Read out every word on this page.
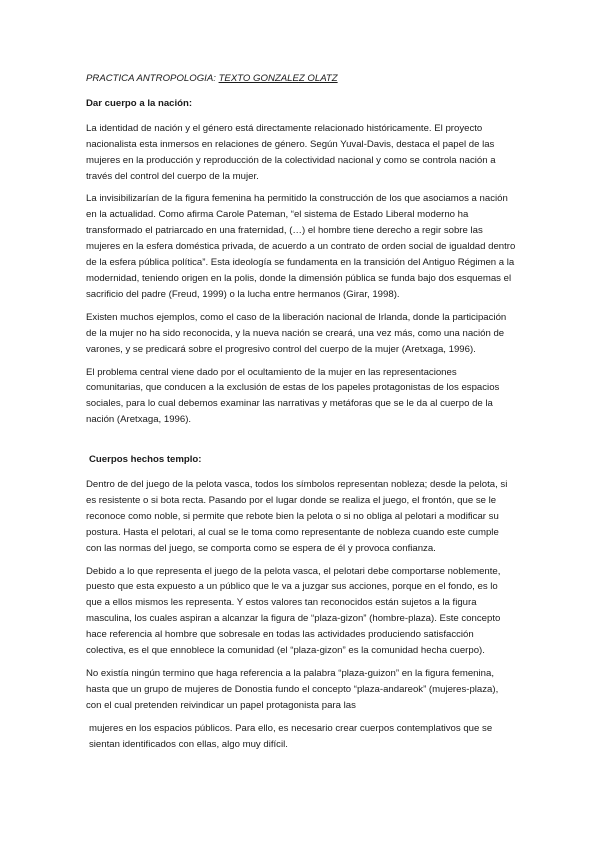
PRACTICA ANTROPOLOGIA: TEXTO GONZALEZ OLATZ
Dar cuerpo a la nación:

La identidad de nación y el género está directamente relacionado históricamente. El proyecto nacionalista esta inmersos en relaciones de género. Según Yuval-Davis, destaca el papel de las mujeres en la producción y reproducción de la colectividad nacional y como se controla nación a través del control del cuerpo de la mujer.

La invisibilizarían de la figura femenina ha permitido la construcción de los que asociamos a nación en la actualidad. Como afirma Carole Pateman, “el sistema de Estado Liberal moderno ha transformado el patriarcado en una fraternidad, (…) el hombre tiene derecho a regir sobre las mujeres en la esfera doméstica privada, de acuerdo a un contrato de orden social de igualdad dentro de la esfera pública política”. Esta ideología se fundamenta en la transición del Antiguo Régimen a la modernidad, teniendo origen en la polis, donde la dimensión pública se funda bajo dos esquemas el sacrificio del padre (Freud, 1999) o la lucha entre hermanos (Girar, 1998).

Existen muchos ejemplos, como el caso de la liberación nacional de Irlanda, donde la participación de la mujer no ha sido reconocida, y la nueva nación se creará, una vez más, como una nación de varones, y se predicará sobre el progresivo control del cuerpo de la mujer (Aretxaga, 1996).

El problema central viene dado por el ocultamiento de la mujer en las representaciones comunitarias, que conducen a la exclusión de estas de los papeles protagonistas de los espacios sociales, para lo cual debemos examinar las narrativas y metáforas que se le da al cuerpo de la nación (Aretxaga, 1996).

Cuerpos hechos templo:

Dentro de del juego de la pelota vasca, todos los símbolos representan nobleza; desde la pelota, si es resistente o si bota recta. Pasando por el lugar donde se realiza el juego, el frontón, que se le reconoce como noble, si permite que rebote bien la pelota o si no obliga al pelotari a modificar su postura. Hasta el pelotari, al cual se le toma como representante de nobleza cuando este cumple con las normas del juego, se comporta como se espera de él y provoca confianza.

Debido a lo que representa el juego de la pelota vasca, el pelotari debe comportarse noblemente, puesto que esta expuesto a un público que le va a juzgar sus acciones, porque en el fondo, es lo que a ellos mismos les representa. Y estos valores tan reconocidos están sujetos a la figura masculina, los cuales aspiran a alcanzar la figura de “plaza-gizon” (hombre-plaza). Este concepto hace referencia al hombre que sobresale en todas las actividades produciendo satisfacción colectiva, es el que ennoblece la comunidad (el “plaza-gizon” es la comunidad hecha cuerpo).

No existía ningún termino que haga referencia a la palabra “plaza-guizon” en la figura femenina, hasta que un grupo de mujeres de Donostia fundo el concepto “plaza-andareok” (mujeres-plaza), con el cual pretenden reivindicar un papel protagonista para las

mujeres en los espacios públicos. Para ello, es necesario crear cuerpos contemplativos que se sientan identificados con ellas, algo muy difícil.
